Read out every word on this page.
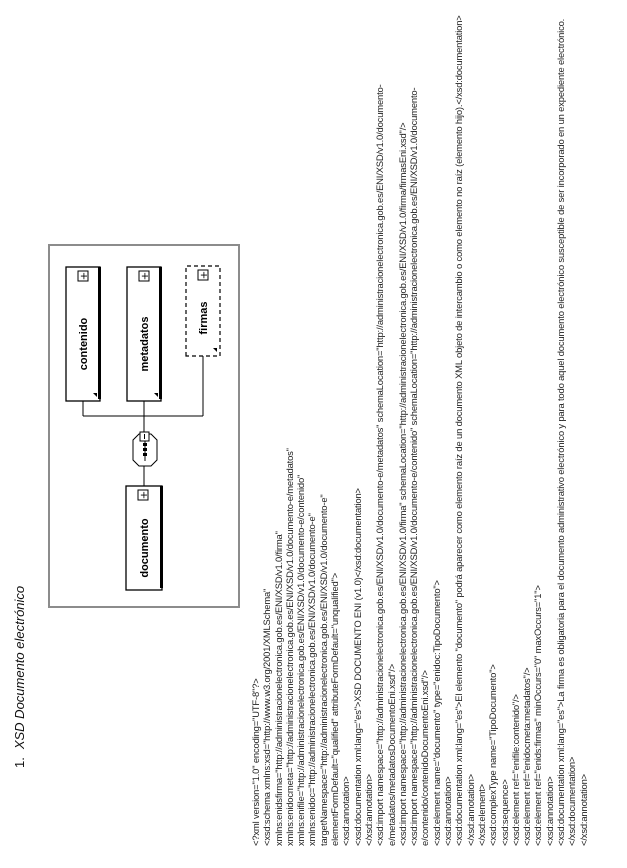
1.XSD Documento electrónico
documento
+
contenido
+
metadatos
+
firmas
+
<?xml version="1.0" encoding="UTF-8"?> <xsd:schema xmlns:xsd="http://www.w3.org/2001/XMLSchema" xmlns:enidsfirma="http://administracionelectronica.gob.es/ENI/XSD/v1.0/firma" xmlns:enidocmeta="http://administracionelectronica.gob.es/ENI/XSD/v1.0/documento-e/metadatos" xmlns:enifile="http://administracionelectronica.gob.es/ENI/XSD/v1.0/documento-e/contenido" xmlns:enidoc="http://administracionelectronica.gob.es/ENI/XSD/v1.0/documento-e" targetNamespace="http://administracionelectronica.gob.es/ENI/XSD/v1.0/documento-e" elementFormDefault="qualified" attributeFormDefault="unqualified"> <xsd:annotation> <xsd:documentation xml:lang="es">XSD DOCUMENTO ENI (v1.0)</xsd:documentation> </xsd:annotation> <xsd:import namespace="http://administracionelectronica.gob.es/ENI/XSD/v1.0/documento-e/metadatos" schemaLocation="http://administracionelectronica.gob.es/ENI/XSD/v1.0/documento-e/metadatos/metadatosDocumentoEni.xsd"/> <xsd:import namespace="http://administracionelectronica.gob.es/ENI/XSD/v1.0/firma" schemaLocation="http://administracionelectronica.gob.es/ENI/XSD/v1.0/firma/firmasEni.xsd"/> <xsd:import namespace="http://administracionelectronica.gob.es/ENI/XSD/v1.0/documento-e/contenido" schemaLocation="http://administracionelectronica.gob.es/ENI/XSD/v1.0/documento-e/contenido/contenidoDocumentoEni.xsd"/> <xsd:element name="documento" type="enidoc:TipoDocumento"> <xsd:annotation> <xsd:documentation xml:lang="es">El elemento "documento" podrá aparecer como elemento raíz de un documento XML objeto de intercambio o como elemento no raíz (elemento hijo).</xsd:documentation> </xsd:annotation> </xsd:element> <xsd:complexType name="TipoDocumento"> <xsd:sequence> <xsd:element ref="enifile:contenido"/> <xsd:element ref="enidocmeta:metadatos"/> <xsd:element ref="enids:firmas" minOccurs="0" maxOccurs="1"> <xsd:annotation> <xsd:documentation xml:lang="es">La firma es obligatoria para el documento administrativo electrónico y para todo aquel documento electrónico susceptible de ser incorporado en un expediente electrónico. </xsd:documentation> </xsd:annotation>
